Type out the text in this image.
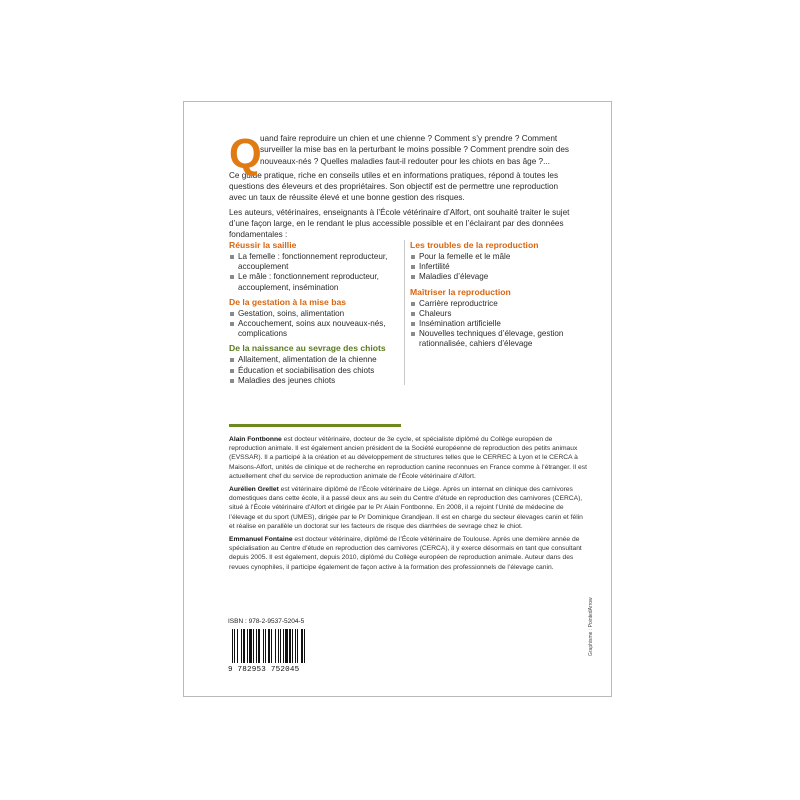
Q

uand faire reproduire un chien et une chienne ? Comment s’y prendre ? Comment surveiller la mise bas en la perturbant le moins possible ? Comment prendre soin des nouveaux-nés ? Quelles maladies faut-il redouter pour les chiots en bas âge ?...

Ce guide pratique, riche en conseils utiles et en informations pratiques, répond à toutes les questions des éleveurs et des propriétaires. Son objectif est de permettre une reproduction avec un taux de réussite élevé et une bonne gestion des risques.

Les auteurs, vétérinaires, enseignants à l’École vétérinaire d’Alfort, ont souhaité traiter le sujet d’une façon large, en le rendant le plus accessible possible et en l’éclairant par des données fondamentales :

Réussir la saillie

La femelle : fonctionnement reproducteur, accouplement
Le mâle : fonctionnement reproducteur, accouplement, insémination

De la gestation à la mise bas

Gestation, soins, alimentation
Accouchement, soins aux nouveaux-nés, complications

De la naissance au sevrage des chiots

Allaitement, alimentation de la chienne
Éducation et sociabilisation des chiots
Maladies des jeunes chiots

Les troubles de la reproduction

Pour la femelle et le mâle
Infertilité
Maladies d’élevage

Maîtriser la reproduction

Carrière reproductrice
Chaleurs
Insémination artificielle
Nouvelles techniques d’élevage, gestion rationnalisée, cahiers d’élevage

Alain Fontbonne est docteur vétérinaire, docteur de 3e cycle, et spécialiste diplômé du Collège européen de reproduction animale. Il est également ancien président de la Société européenne de reproduction des petits animaux (EVSSAR). Il a participé à la création et au développement de structures telles que le CERREC à Lyon et le CERCA à Maisons-Alfort, unités de clinique et de recherche en reproduction canine reconnues en France comme à l’étranger. Il est actuellement chef du service de reproduction animale de l’École vétérinaire d’Alfort.

Aurélien Grellet est vétérinaire diplômé de l’École vétérinaire de Liège. Après un internat en clinique des carnivores domestiques dans cette école, il a passé deux ans au sein du Centre d’étude en reproduction des carnivores (CERCA), situé à l’École vétérinaire d’Alfort et dirigée par le Pr Alain Fontbonne. En 2008, il a rejoint l’Unité de médecine de l’élevage et du sport (UMES), dirigée par le Pr Dominique Grandjean. Il est en charge du secteur élevages canin et félin et réalise en parallèle un doctorat sur les facteurs de risque des diarrhées de sevrage chez le chiot.

Emmanuel Fontaine est docteur vétérinaire, diplômé de l’École vétérinaire de Toulouse. Après une dernière année de spécialisation au Centre d’étude en reproduction des carnivores (CERCA), il y exerce désormais en tant que consultant depuis 2005. Il est également, depuis 2010, diplômé du Collège européen de reproduction animale. Auteur dans des revues cynophiles, il participe également de façon active à la formation des professionnels de l’élevage canin.

ISBN : 978-2-9537-5204-5
9 782953 752045
Graphisme : PointedArrow
